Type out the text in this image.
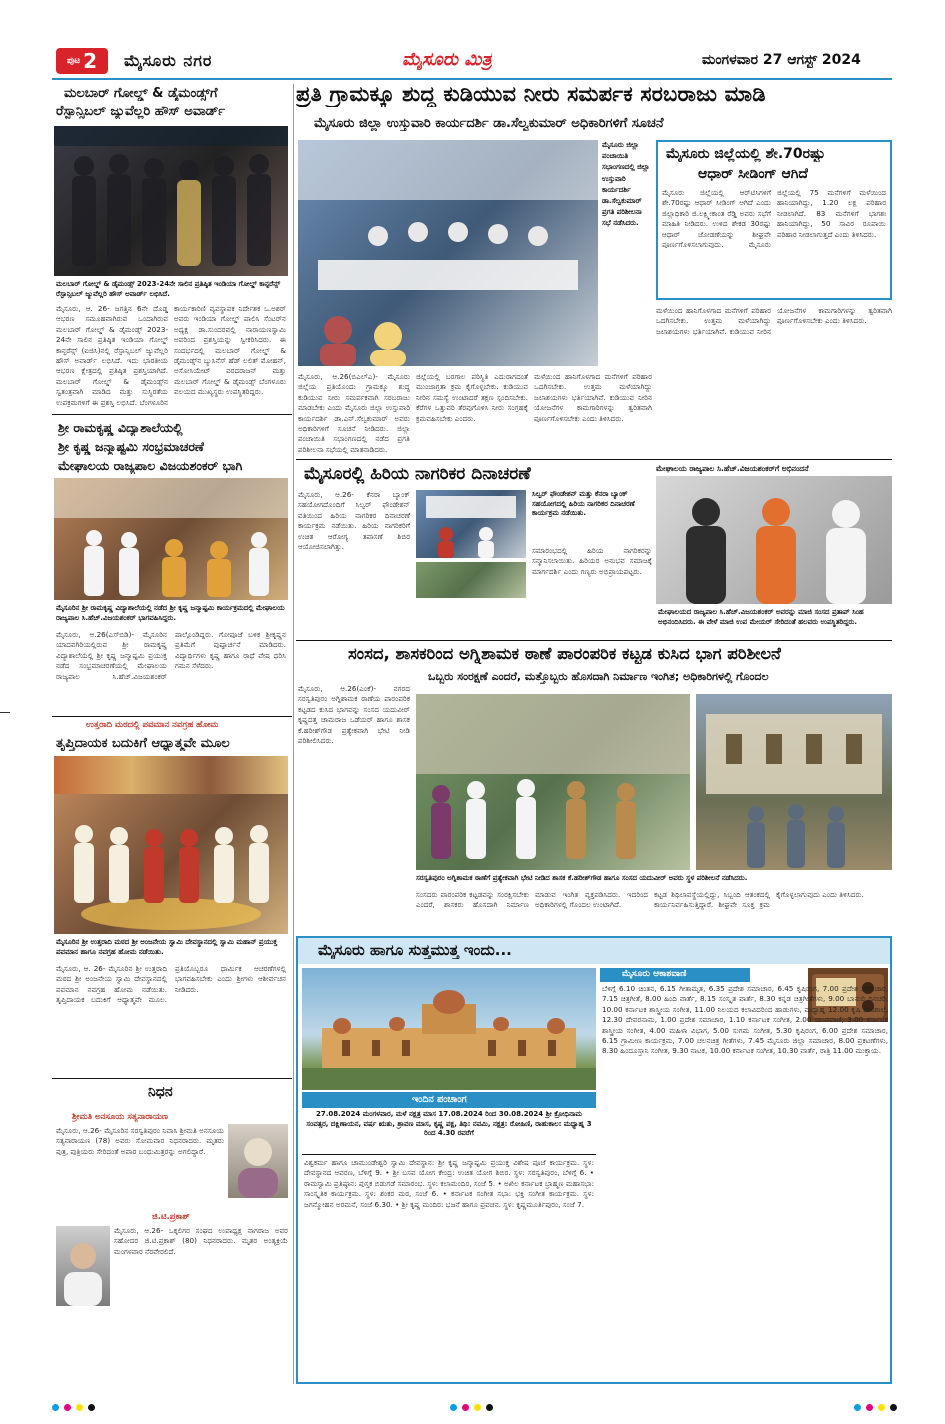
ಪುಟ 2 ಮೈಸೂರು ನಗರ	ಮೈಸೂರು ಮಿತ್ರ	ಮಂಗಳವಾರ 27 ಆಗಸ್ಟ್ 2024
ಮಲಬಾರ್ ಗೋಲ್ಡ್ & ಡೈಮಂಡ್ಸ್‌ಗೆ
ರೆಸ್ಪಾನ್ಸಿಬಲ್ ಜ್ಯುವೆಲ್ಲರಿ ಹೌಸ್ ಅವಾರ್ಡ್
ಮಲಬಾರ್ ಗೋಲ್ಡ್ & ಡೈಮಂಡ್ಸ್ 2023-24ನೇ ಸಾಲಿನ ಪ್ರತಿಷ್ಠಿತ ಇಂಡಿಯಾ ಗೋಲ್ಡ್ ಕಾನ್ಫರೆನ್ಸ್ ರೆಸ್ಪಾನ್ಸಿಬಲ್ ಜ್ಯುವೆಲ್ಲರಿ ಹೌಸ್ ಅವಾರ್ಡ್ ಲಭಿಸಿದೆ.
ಮೈಸೂರು, ಆ. 26- ಜಗತ್ತಿನ 6ನೇ ದೊಡ್ಡ ಆಭರಣ ಸಮೂಹವಾಗಿರುವ ಒಂದಾಗಿರುವ ಮಲಬಾರ್ ಗೋಲ್ಡ್ & ಡೈಮಂಡ್ಸ್ 2023-24ನೇ ಸಾಲಿನ ಪ್ರತಿಷ್ಠಿತ ಇಂಡಿಯಾ ಗೋಲ್ಡ್ ಕಾನ್ಫರೆನ್ಸ್ (ಐಜಿಸಿ)ನಲ್ಲಿ ರೆಸ್ಪಾನ್ಸಿಬಲ್ ಜ್ಯುವೆಲ್ಲರಿ ಹೌಸ್ ಅವಾರ್ಡ್ ಲಭಿಸಿದೆ. ಇದು ಭಾರತೀಯ ಆಭರಣ ಕ್ಷೇತ್ರದಲ್ಲಿ ಪ್ರತಿಷ್ಠಿತ ಪ್ರಶಸ್ತಿಯಾಗಿದೆ. ಮಲಬಾರ್ ಗೋಲ್ಡ್ & ಡೈಮಂಡ್ಸ್‌ನ ಸ್ವತಂತ್ರವಾಗಿ ಮಾಡಿದ ಮತ್ತು ಸುಸ್ಥಿರತೆಯ ಉಪಕ್ರಮಗಳಿಗೆ ಈ ಪ್ರಶಸ್ತಿ ಲಭಿಸಿದೆ. ಬೆಂಗಳೂರಿನ
ಕಾರ್ಯಕಾರಿಣಿ ವ್ಯವಸ್ಥಾಪಕ ನಿರ್ದೇಶಕ ಒ.ಅಶರ್ ಅವರು ಇಂಡಿಯಾ ಗೋಲ್ಡ್ ಪಾಲಿಸಿ ಸೆಂಟರ್‌ನ ಅಧ್ಯಕ್ಷ ಡಾ.ಸುಂದರವಲ್ಲಿ ನಾರಾಯಣಸ್ವಾಮಿ ಅವರಿಂದ ಪ್ರಶಸ್ತಿಯನ್ನು ಸ್ವೀಕರಿಸಿದರು. ಈ ಸಂದರ್ಭದಲ್ಲಿ ಮಲಬಾರ್ ಗೋಲ್ಡ್ & ಡೈಮಂಡ್ಸ್‌ನ ಬ್ಯುಸಿನೆಸ್ ಹೆಡ್ ಲಲಿತ್ ಮೋಹನ್, ಅಸೋಸಿಯೇಟ್ ವರದರಾಜನ್ ಮತ್ತು ಮಲಬಾರ್ ಗೋಲ್ಡ್ & ಡೈಮಂಡ್ಸ್ ಬೆಂಗಳೂರು ವಲಯದ ಮುಖ್ಯಸ್ಥರು ಉಪಸ್ಥಿತರಿದ್ದರು.
ಶ್ರೀ ರಾಮಕೃಷ್ಣ ವಿದ್ಯಾಶಾಲೆಯಲ್ಲಿ
ಶ್ರೀ ಕೃಷ್ಣ ಜನ್ಮಾಷ್ಟಮಿ ಸಂಭ್ರಮಾಚರಣೆ
ಮೇಘಾಲಯ ರಾಜ್ಯಪಾಲ ವಿಜಯಶಂಕರ್ ಭಾಗಿ
ಮೈಸೂರಿನ ಶ್ರೀ ರಾಮಕೃಷ್ಣ ವಿದ್ಯಾಶಾಲೆಯಲ್ಲಿ ನಡೆದ ಶ್ರೀ ಕೃಷ್ಣ ಜನ್ಮಾಷ್ಟಮಿ ಕಾರ್ಯಕ್ರಮದಲ್ಲಿ ಮೇಘಾಲಯ ರಾಜ್ಯಪಾಲ ಸಿ.ಹೆಚ್.ವಿಜಯಶಂಕರ್ ಭಾಗವಹಿಸಿದ್ದರು.
ಮೈಸೂರು, ಆ.26(ಎಸ್‌ಬಿಡಿ)- ಮೈಸೂರಿನ ಯಾದವಗಿರಿಯಲ್ಲಿರುವ ಶ್ರೀ ರಾಮಕೃಷ್ಣ ವಿದ್ಯಾಶಾಲೆಯಲ್ಲಿ ಶ್ರೀ ಕೃಷ್ಣ ಜನ್ಮಾಷ್ಟಮಿ ಪ್ರಯುಕ್ತ ನಡೆದ ಸಂಭ್ರಮಾಚರಣೆಯಲ್ಲಿ ಮೇಘಾಲಯ ರಾಜ್ಯಪಾಲ ಸಿ.ಹೆಚ್.ವಿಜಯಶಂಕರ್ ಪಾಲ್ಗೊಂಡಿದ್ದರು. ಗೋಪೂಜೆ ಬಳಿಕ ಶ್ರೀಕೃಷ್ಣನ ಪ್ರತಿಮೆಗೆ ಪುಷ್ಪಾರ್ಚನೆ ಮಾಡಿದರು. ವಿದ್ಯಾರ್ಥಿಗಳು ಕೃಷ್ಣ ಹಾಗೂ ರಾಧೆ ವೇಷ ಧರಿಸಿ ಗಮನ ಸೆಳೆದರು.
ಉತ್ತರಾದಿ ಮಠದಲ್ಲಿ ಪವಮಾನ ನವಗ್ರಹ ಹೋಮ
ತೃಪ್ತಿದಾಯಕ ಬದುಕಿಗೆ ಆಧ್ಯಾತ್ಮವೇ ಮೂಲ
ಮೈಸೂರಿನ ಶ್ರೀ ಉತ್ತರಾದಿ ಮಠದ ಶ್ರೀ ಅಂಜನೇಯ ಸ್ವಾಮಿ ದೇವಸ್ಥಾನದಲ್ಲಿ ಸ್ವಾಮಿ ಮಹಾನ್ ಪ್ರಯುಕ್ತ ಪವಮಾನ ಹಾಗೂ ನವಗ್ರಹ ಹೋಮ ನಡೆಯಿತು.
ಮೈಸೂರು, ಆ. 26- ಮೈಸೂರಿನ ಶ್ರೀ ಉತ್ತರಾದಿ ಮಠದ ಶ್ರೀ ಅಂಜನೇಯ ಸ್ವಾಮಿ ದೇವಸ್ಥಾನದಲ್ಲಿ ಪವಮಾನ ನವಗ್ರಹ ಹೋಮ ನಡೆಯಿತು. ತೃಪ್ತಿದಾಯಕ ಬದುಕಿಗೆ ಆಧ್ಯಾತ್ಮವೇ ಮೂಲ. ಪ್ರತಿಯೊಬ್ಬರೂ ಧಾರ್ಮಿಕ ಆಚರಣೆಗಳಲ್ಲಿ ಭಾಗವಹಿಸಬೇಕು ಎಂದು ಶ್ರೀಗಳು ಆಶೀರ್ವಚನ ನೀಡಿದರು.
ನಿಧನ
ಶ್ರೀಮತಿ ಅನಸೂಯ ಸತ್ಯನಾರಾಯಣ
ಮೈಸೂರು, ಆ.26- ಮೈಸೂರಿನ ಸರಸ್ವತಿಪುರಂ ನಿವಾಸಿ ಶ್ರೀಮತಿ ಅನಸೂಯ ಸತ್ಯನಾರಾಯಣ (78) ಅವರು ಸೋಮವಾರ ನಿಧನರಾದರು. ಮೃತರು ಪುತ್ರ, ಪುತ್ರಿಯರು ಸೇರಿದಂತೆ ಅಪಾರ ಬಂಧುಮಿತ್ರರನ್ನು ಅಗಲಿದ್ದಾರೆ.
ಜಿ.ಟಿ.ಪ್ರಕಾಶ್
ಮೈಸೂರು, ಆ.26- ಒಕ್ಕಲಿಗರ ಸಂಘದ ಉಪಾಧ್ಯಕ್ಷ ನಾಗರಾಜ ಅವರ ಸಹೋದರ ಜಿ.ಟಿ.ಪ್ರಕಾಶ್ (80) ನಿಧನರಾದರು. ಮೃತರ ಅಂತ್ಯಕ್ರಿಯೆ ಮಂಗಳವಾರ ನೆರವೇರಲಿದೆ.
ಪ್ರತಿ ಗ್ರಾಮಕ್ಕೂ ಶುದ್ಧ ಕುಡಿಯುವ ನೀರು ಸಮರ್ಪಕ ಸರಬರಾಜು ಮಾಡಿ
ಮೈಸೂರು ಜಿಲ್ಲಾ ಉಸ್ತುವಾರಿ ಕಾರ್ಯದರ್ಶಿ ಡಾ.ಸೆಲ್ವಕುಮಾರ್ ಅಧಿಕಾರಿಗಳಿಗೆ ಸೂಚನೆ
ಮೈಸೂರು ಜಿಲ್ಲಾ ಪಂಚಾಯಿತಿ ಸಭಾಂಗಣದಲ್ಲಿ ಜಿಲ್ಲಾ ಉಸ್ತುವಾರಿ ಕಾರ್ಯದರ್ಶಿ ಡಾ.ಸೆಲ್ವಕುಮಾರ್ ಪ್ರಗತಿ ಪರಿಶೀಲನಾ ಸಭೆ ನಡೆಸಿದರು.
ಮೈಸೂರು, ಆ.26(ಬಿಎಲ್‌ಎ)- ಮೈಸೂರು ಜಿಲ್ಲೆಯ ಪ್ರತಿಯೊಂದು ಗ್ರಾಮಕ್ಕೂ ಶುದ್ಧ ಕುಡಿಯುವ ನೀರು ಸಮರ್ಪಕವಾಗಿ ಸರಬರಾಜು ಮಾಡಬೇಕು ಎಂದು ಮೈಸೂರು ಜಿಲ್ಲಾ ಉಸ್ತುವಾರಿ ಕಾರ್ಯದರ್ಶಿ ಡಾ.ಎನ್.ಸೆಲ್ವಕುಮಾರ್ ಅವರು ಅಧಿಕಾರಿಗಳಿಗೆ ಸೂಚನೆ ನೀಡಿದರು. ಜಿಲ್ಲಾ ಪಂಚಾಯಿತಿ ಸಭಾಂಗಣದಲ್ಲಿ ನಡೆದ ಪ್ರಗತಿ ಪರಿಶೀಲನಾ ಸಭೆಯಲ್ಲಿ ಮಾತನಾಡಿದರು.
ಜಿಲ್ಲೆಯಲ್ಲಿ ಬರಗಾಲ ಪರಿಸ್ಥಿತಿ ಎದುರಾಗದಂತೆ ಮುಂಜಾಗ್ರತಾ ಕ್ರಮ ಕೈಗೊಳ್ಳಬೇಕು. ಕುಡಿಯುವ ನೀರಿನ ಸಮಸ್ಯೆ ಉಂಟಾದರೆ ತಕ್ಷಣ ಸ್ಪಂದಿಸಬೇಕು. ಕೆರೆಗಳ ಒತ್ತುವರಿ ತೆರವುಗೊಳಿಸಿ ನೀರು ಸಂಗ್ರಹಕ್ಕೆ ಕ್ರಮವಹಿಸಬೇಕು ಎಂದರು.
ಮಳೆಯಿಂದ ಹಾನಿಗೊಳಗಾದ ಮನೆಗಳಿಗೆ ಪರಿಹಾರ ಒದಗಿಸಬೇಕು. ಉತ್ತಮ ಮಳೆಯಾಗಿದ್ದು ಜಲಾಶಯಗಳು ಭರ್ತಿಯಾಗಿವೆ. ಕುಡಿಯುವ ನೀರಿನ ಯೋಜನೆಗಳ ಕಾಮಗಾರಿಗಳನ್ನು ತ್ವರಿತವಾಗಿ ಪೂರ್ಣಗೊಳಿಸಬೇಕು ಎಂದು ತಿಳಿಸಿದರು.
ಮೈಸೂರು ಜಿಲ್ಲೆಯಲ್ಲಿ ಶೇ.70ರಷ್ಟು
ಆಧಾರ್ ಸೀಡಿಂಗ್ ಆಗಿದೆ
ಮೈಸೂರು ಜಿಲ್ಲೆಯಲ್ಲಿ ಆರ್‌ಟಿಸಿಗಳಿಗೆ ಶೇ.70ರಷ್ಟು ಆಧಾರ್ ಸೀಡಿಂಗ್ ಆಗಿದೆ ಎಂದು ಜಿಲ್ಲಾಧಿಕಾರಿ ಜಿ.ಲಕ್ಷ್ಮೀಕಾಂತ ರೆಡ್ಡಿ ಅವರು ಸಭೆಗೆ ಮಾಹಿತಿ ನೀಡಿದರು. ಉಳಿದ ಶೇಕಡ 30ರಷ್ಟು ಆಧಾರ್ ಜೋಡಣೆಯನ್ನು ಶೀಘ್ರವೇ ಪೂರ್ಣಗೊಳಿಸಲಾಗುವುದು. ಮೈಸೂರು ಜಿಲ್ಲೆಯಲ್ಲಿ 75 ಮನೆಗಳಿಗೆ ಮಳೆಯಿಂದ ಹಾನಿಯಾಗಿದ್ದು, 1.20 ಲಕ್ಷ ಪರಿಹಾರ ನೀಡಲಾಗಿದೆ. 83 ಮನೆಗಳಿಗೆ ಭಾಗಶಃ ಹಾನಿಯಾಗಿದ್ದು, 50 ಸಾವಿರ ರೂಪಾಯಿ ಪರಿಹಾರ ನೀಡಲಾಗುತ್ತದೆ ಎಂದು ತಿಳಿಸಿದರು.
ಮಳೆಯಿಂದ ಹಾನಿಗೊಳಗಾದ ಮನೆಗಳಿಗೆ ಪರಿಹಾರ ಒದಗಿಸಬೇಕು. ಉತ್ತಮ ಮಳೆಯಾಗಿದ್ದು ಜಲಾಶಯಗಳು ಭರ್ತಿಯಾಗಿವೆ. ಕುಡಿಯುವ ನೀರಿನ ಯೋಜನೆಗಳ ಕಾಮಗಾರಿಗಳನ್ನು ತ್ವರಿತವಾಗಿ ಪೂರ್ಣಗೊಳಿಸಬೇಕು ಎಂದು ತಿಳಿಸಿದರು.
ಮೈಸೂರಲ್ಲಿ ಹಿರಿಯ ನಾಗರಿಕರ ದಿನಾಚರಣೆ
ಮೈಸೂರು, ಆ.26- ಕೆನರಾ ಬ್ಯಾಂಕ್ ಸಹಯೋಗದೊಂದಿಗೆ ಸಿಲ್ವರ್ ಫೌಂಡೇಶನ್ ವತಿಯಿಂದ ಹಿರಿಯ ನಾಗರಿಕರ ದಿನಾಚರಣೆ ಕಾರ್ಯಕ್ರಮ ನಡೆಯಿತು. ಹಿರಿಯ ನಾಗರಿಕರಿಗೆ ಉಚಿತ ಆರೋಗ್ಯ ತಪಾಸಣೆ ಶಿಬಿರ ಆಯೋಜಿಸಲಾಗಿತ್ತು.
ಸಿಲ್ವರ್ ಫೌಂಡೇಶನ್ ಮತ್ತು ಕೆನರಾ ಬ್ಯಾಂಕ್ ಸಹಯೋಗದಲ್ಲಿ ಹಿರಿಯ ನಾಗರಿಕರ ದಿನಾಚರಣೆ ಕಾರ್ಯಕ್ರಮ ನಡೆಯಿತು.
ಸಮಾರಂಭದಲ್ಲಿ ಹಿರಿಯ ನಾಗರಿಕರನ್ನು ಸನ್ಮಾನಿಸಲಾಯಿತು. ಹಿರಿಯರ ಅನುಭವ ಸಮಾಜಕ್ಕೆ ಮಾರ್ಗದರ್ಶಿ ಎಂದು ಗಣ್ಯರು ಅಭಿಪ್ರಾಯಪಟ್ಟರು.
ಮೇಘಾಲಯ ರಾಜ್ಯಪಾಲ ಸಿ.ಹೆಚ್.ವಿಜಯಶಂಕರ್‌ಗೆ ಅಭಿನಂದನೆ
ಮೇಘಾಲಯದ ರಾಜ್ಯಪಾಲ ಸಿ.ಹೆಚ್.ವಿಜಯಶಂಕರ್ ಅವರನ್ನು ಮಾಜಿ ಸಂಸದ ಪ್ರತಾಪ್ ಸಿಂಹ ಅಭಿನಂದಿಸಿದರು. ಈ ವೇಳೆ ಮಾಜಿ ಉಪ ಮೇಯರ್ ಸೇರಿದಂತೆ ಹಲವರು ಉಪಸ್ಥಿತರಿದ್ದರು.
ಸಂಸದ, ಶಾಸಕರಿಂದ ಅಗ್ನಿಶಾಮಕ ಠಾಣೆ ಪಾರಂಪರಿಕ ಕಟ್ಟಡ ಕುಸಿದ ಭಾಗ ಪರಿಶೀಲನೆ
ಒಬ್ಬರು ಸಂರಕ್ಷಣೆ ಎಂದರೆ, ಮತ್ತೊಬ್ಬರು ಹೊಸದಾಗಿ ನಿರ್ಮಾಣ ಇಂಗಿತ; ಅಧಿಕಾರಿಗಳಲ್ಲಿ ಗೊಂದಲ
ಮೈಸೂರು, ಆ.26(ಎಂಕೆ)- ನಗರದ ಸರಸ್ವತಿಪುರಂ ಅಗ್ನಿಶಾಮಕ ಠಾಣೆಯ ಪಾರಂಪರಿಕ ಕಟ್ಟಡದ ಕುಸಿದ ಭಾಗವನ್ನು ಸಂಸದ ಯದುವೀರ್ ಕೃಷ್ಣದತ್ತ ಚಾಮರಾಜ ಒಡೆಯರ್ ಹಾಗೂ ಶಾಸಕ ಕೆ.ಹರೀಶ್‌ಗೌಡ ಪ್ರತ್ಯೇಕವಾಗಿ ಭೇಟಿ ನೀಡಿ ಪರಿಶೀಲಿಸಿದರು.
ಸರಸ್ವತಿಪುರಂ ಅಗ್ನಿಶಾಮಕ ಠಾಣೆಗೆ ಪ್ರತ್ಯೇಕವಾಗಿ ಭೇಟಿ ನೀಡಿದ ಶಾಸಕ ಕೆ.ಹರೀಶ್‌ಗೌಡ ಹಾಗೂ ಸಂಸದ ಯದುವೀರ್ ಅವರು ಸ್ಥಳ ಪರಿಶೀಲನೆ ನಡೆಸಿದರು.
ಸಂಸದರು ಪಾರಂಪರಿಕ ಕಟ್ಟಡವನ್ನು ಸಂರಕ್ಷಿಸಬೇಕು ಎಂದರೆ, ಶಾಸಕರು ಹೊಸದಾಗಿ ನಿರ್ಮಾಣ ಮಾಡುವ ಇಂಗಿತ ವ್ಯಕ್ತಪಡಿಸಿದರು. ಇದರಿಂದ ಅಧಿಕಾರಿಗಳಲ್ಲಿ ಗೊಂದಲ ಉಂಟಾಗಿದೆ.
ಕಟ್ಟಡ ಶಿಥಿಲಾವಸ್ಥೆಯಲ್ಲಿದ್ದು, ಸಿಬ್ಬಂದಿ ಆತಂಕದಲ್ಲಿ ಕಾರ್ಯನಿರ್ವಹಿಸುತ್ತಿದ್ದಾರೆ. ಶೀಘ್ರವೇ ಸೂಕ್ತ ಕ್ರಮ ಕೈಗೊಳ್ಳಲಾಗುವುದು ಎಂದು ತಿಳಿಸಿದರು.
ಮೈಸೂರು ಹಾಗೂ ಸುತ್ತಮುತ್ತ ಇಂದು...
ಇಂದಿನ ಪಂಚಾಂಗ
27.08.2024 ಮಂಗಳವಾರ, ಮಳೆ ನಕ್ಷತ್ರ ಮಾಸ 17.08.2024 ರಿಂದ 30.08.2024 ಶ್ರೀ ಕ್ರೋಧಿನಾಮ ಸಂವತ್ಸರ, ದಕ್ಷಿಣಾಯನ, ವರ್ಷ ಋತು, ಶ್ರಾವಣ ಮಾಸ, ಕೃಷ್ಣ ಪಕ್ಷ, ತಿಥಿ: ನವಮಿ, ನಕ್ಷತ್ರ: ರೋಹಿಣಿ, ರಾಹುಕಾಲ: ಮಧ್ಯಾಹ್ನ 3 ರಿಂದ 4.30 ರವರೆಗೆ
ವಿಶ್ವಕರ್ಮ ಹಾಗೂ ಚಾಮುಂಡೇಶ್ವರಿ ಸ್ವಾಮಿ ದೇವಸ್ಥಾನ: ಶ್ರೀ ಕೃಷ್ಣ ಜನ್ಮಾಷ್ಟಮಿ ಪ್ರಯುಕ್ತ ವಿಶೇಷ ಪೂಜೆ ಕಾರ್ಯಕ್ರಮ. ಸ್ಥಳ: ದೇವಸ್ಥಾನದ ಆವರಣ, ಬೆಳಿಗ್ಗೆ 9. • ಶ್ರೀ ಬಸವ ಯೋಗ ಕೇಂದ್ರ: ಉಚಿತ ಯೋಗ ಶಿಬಿರ. ಸ್ಥಳ: ಸರಸ್ವತಿಪುರಂ, ಬೆಳಿಗ್ಗೆ 6. • ರಾಮಸ್ವಾಮಿ ಪ್ರತಿಷ್ಠಾನ: ಪುಸ್ತಕ ಬಿಡುಗಡೆ ಸಮಾರಂಭ. ಸ್ಥಳ: ಕಲಾಮಂದಿರ, ಸಂಜೆ 5. • ಅಖಿಲ ಕರ್ನಾಟಕ ಬ್ರಾಹ್ಮಣ ಮಹಾಸಭಾ: ಸಾಂಸ್ಕೃತಿಕ ಕಾರ್ಯಕ್ರಮ. ಸ್ಥಳ: ಶಂಕರ ಮಠ, ಸಂಜೆ 6. • ಕರ್ನಾಟಕ ಸಂಗೀತ ಸಭಾ: ಭಕ್ತಿ ಸಂಗೀತ ಕಾರ್ಯಕ್ರಮ. ಸ್ಥಳ: ಜಗನ್ಮೋಹನ ಅರಮನೆ, ಸಂಜೆ 6.30. • ಶ್ರೀ ಕೃಷ್ಣ ಮಂದಿರ: ಭಜನೆ ಹಾಗೂ ಪ್ರವಚನ. ಸ್ಥಳ: ಕೃಷ್ಣಮೂರ್ತಿಪುರಂ, ಸಂಜೆ 7.
ಮೈಸೂರು ಆಕಾಶವಾಣಿ
ಬೆಳಿಗ್ಗೆ 6.10 ಚಿಂತನ, 6.15 ಗೀತಾಮೃತ, 6.35 ಪ್ರದೇಶ ಸಮಾಚಾರ, 6.45 ಕೃಷಿರಂಗ, 7.00 ಪ್ರದೇಶ ಸಮಾಚಾರ, 7.15 ಚಿತ್ರಗೀತೆ, 8.00 ಹಿಂದಿ ವಾರ್ತೆ, 8.15 ಸಂಸ್ಕೃತ ವಾರ್ತೆ, 8.30 ಕನ್ನಡ ಚಿತ್ರಗೀತೆಗಳು, 9.00 ಬಾನುಲಿ ದಿನಚರಿ, 10.00 ಕರ್ನಾಟಕ ಶಾಸ್ತ್ರೀಯ ಸಂಗೀತ, 11.00 ನಿಲಯದ ಕಲಾವಿದರಿಂದ ಹಾಡುಗಳು, ಮಧ್ಯಾಹ್ನ 12.00 ಕೃಷಿ ಪಾಠಶಾಲೆ, 12.30 ದೇವರನಾಮ, 1.00 ಪ್ರದೇಶ ಸಮಾಚಾರ, 1.10 ಕರ್ನಾಟಕ ಸಂಗೀತ, 2.00 ಯುವವಾಣಿ, 3.00 ಕರ್ನಾಟಕ ಶಾಸ್ತ್ರೀಯ ಸಂಗೀತ, 4.00 ಮಹಿಳಾ ವಿಭಾಗ, 5.00 ಸುಗಮ ಸಂಗೀತ, 5.30 ಕೃಷಿರಂಗ, 6.00 ಪ್ರದೇಶ ಸಮಾಚಾರ, 6.15 ಗ್ರಾಮೀಣ ಕಾರ್ಯಕ್ರಮ, 7.00 ಚಲನಚಿತ್ರ ಗೀತೆಗಳು, 7.45 ಮೈಸೂರು ಜಿಲ್ಲಾ ಸಮಾಚಾರ, 8.00 ಪ್ರಕಟಣೆಗಳು, 8.30 ಹಿಂದೂಸ್ತಾನಿ ಸಂಗೀತ, 9.30 ನಾಟಕ, 10.00 ಕರ್ನಾಟಕ ಸಂಗೀತ, 10.30 ವಾರ್ತೆ, ರಾತ್ರಿ 11.00 ಮುಕ್ತಾಯ.
